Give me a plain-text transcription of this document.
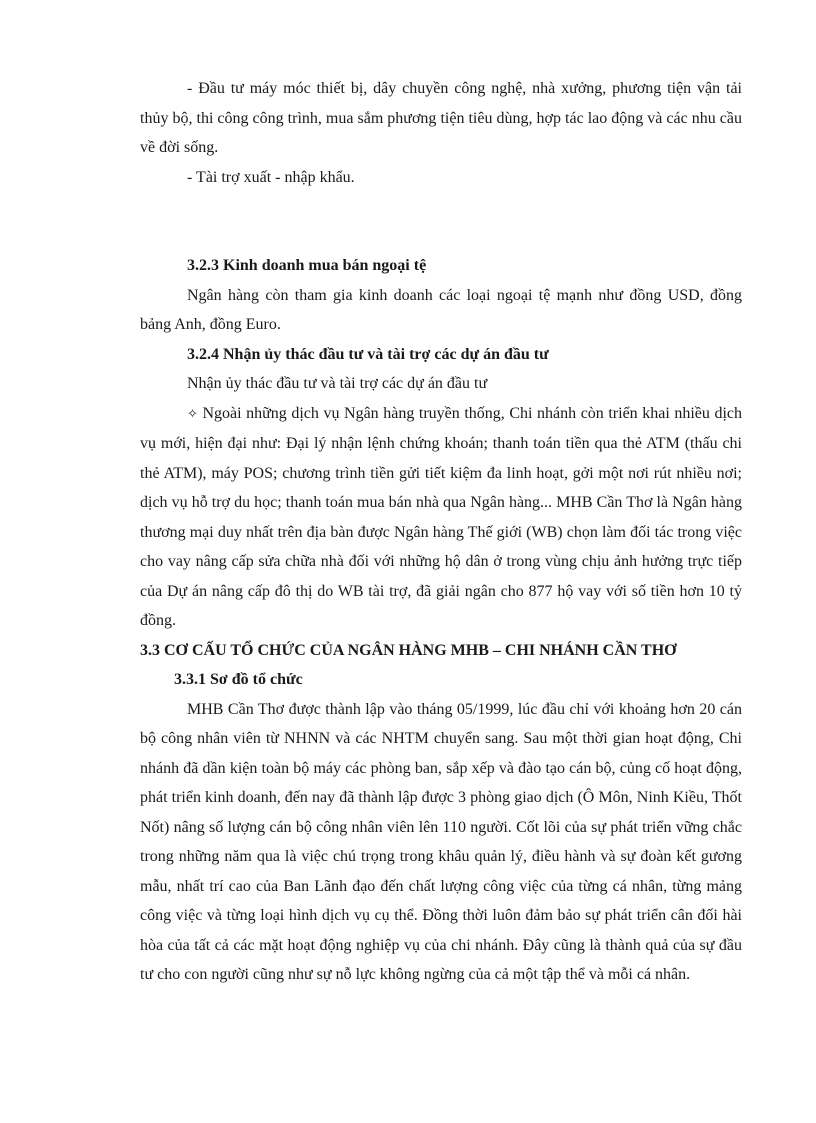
- Đầu tư máy móc thiết bị, dây chuyền công nghệ, nhà xưởng, phương tiện vận tải thủy bộ, thi công công trình, mua sắm phương tiện tiêu dùng, hợp tác lao động và các nhu cầu về đời sống.

- Tài trợ xuất - nhập khẩu.

3.2.3 Kinh doanh mua bán ngoại tệ

Ngân hàng còn tham gia kinh doanh các loại ngoại tệ mạnh như đồng USD, đồng bảng Anh, đồng Euro.

3.2.4 Nhận ủy thác đầu tư và tài trợ các dự án đầu tư

Nhận ủy thác đầu tư và tài trợ các dự án đầu tư

✧ Ngoài những dịch vụ Ngân hàng truyền thống, Chi nhánh còn triển khai nhiều dịch vụ mới, hiện đại như: Đại lý nhận lệnh chứng khoán; thanh toán tiền qua thẻ ATM (thấu chi thẻ ATM), máy POS; chương trình tiền gửi tiết kiệm đa linh hoạt, gởi một nơi rút nhiều nơi; dịch vụ hỗ trợ du học; thanh toán mua bán nhà qua Ngân hàng... MHB Cần Thơ là Ngân hàng thương mại duy nhất trên địa bàn được Ngân hàng Thế giới (WB) chọn làm đối tác trong việc cho vay nâng cấp sửa chữa nhà đối với những hộ dân ở trong vùng chịu ảnh hưởng trực tiếp của Dự án nâng cấp đô thị do WB tài trợ, đã giải ngân cho 877 hộ vay với số tiền hơn 10 tỷ đồng.

3.3 CƠ CẤU TỔ CHỨC CỦA NGÂN HÀNG MHB – CHI NHÁNH CẦN THƠ

3.3.1 Sơ đồ tổ chức

MHB Cần Thơ được thành lập vào tháng 05/1999, lúc đầu chỉ với khoảng hơn 20 cán bộ công nhân viên từ NHNN và các NHTM chuyển sang. Sau một thời gian hoạt động, Chi nhánh đã dần kiện toàn bộ máy các phòng ban, sắp xếp và đào tạo cán bộ, củng cố hoạt động, phát triển kinh doanh, đến nay đã thành lập được 3 phòng giao dịch (Ô Môn, Ninh Kiều, Thốt Nốt) nâng số lượng cán bộ công nhân viên lên 110 người. Cốt lõi của sự phát triển vững chắc trong những năm qua là việc chú trọng trong khâu quản lý, điều hành và sự đoàn kết gương mẫu, nhất trí cao của Ban Lãnh đạo đến chất lượng công việc của từng cá nhân, từng mảng công việc và từng loại hình dịch vụ cụ thể. Đồng thời luôn đảm bảo sự phát triển cân đối hài hòa của tất cả các mặt hoạt động nghiệp vụ của chi nhánh. Đây cũng là thành quả của sự đầu tư cho con người cũng như sự nỗ lực không ngừng của cả một tập thể và mỗi cá nhân.
